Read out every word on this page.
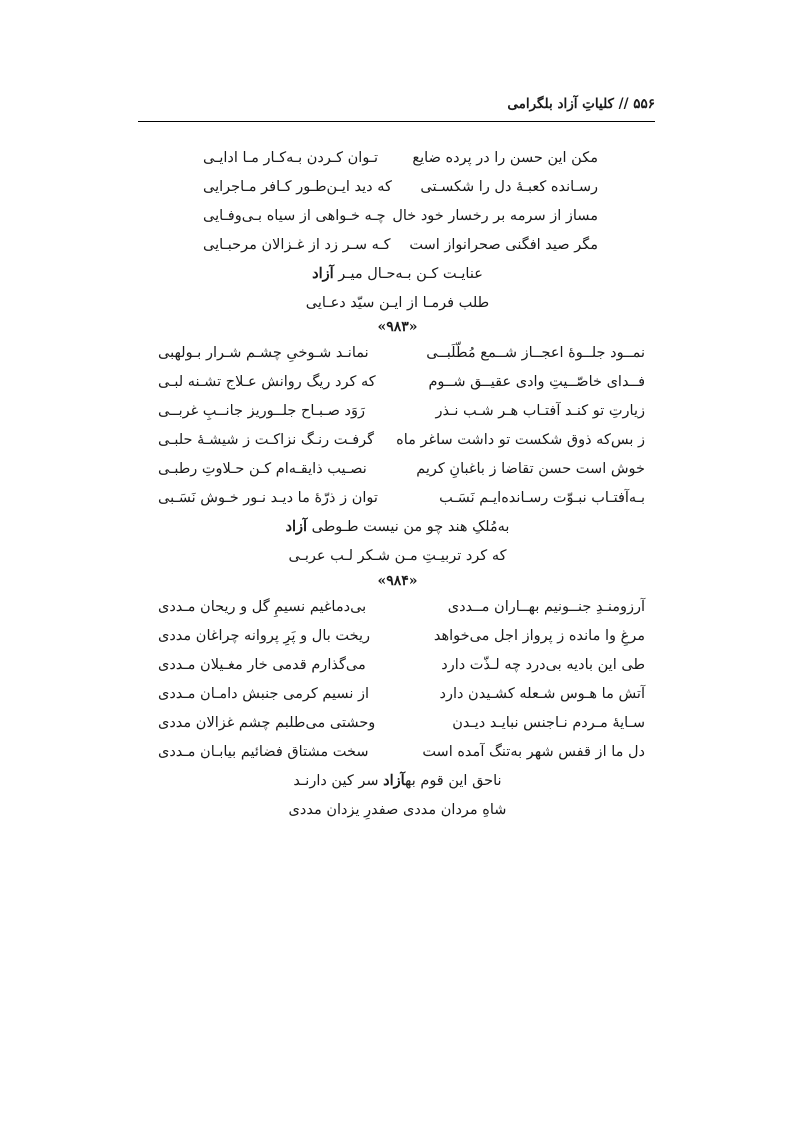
۵۵۶ // کلیاتِ آزاد بلگرامی
مکن این حسن را در پرده ضایع
تـوان کـردن بـه‌کـار مـا ادایـی
رسـانده کعبـهٔ دل را شکسـتی
که دید ایـن‌طـور کـافر مـاجرایی
مساز از سرمه بر رخسار خود خال
چـه خـواهی از سیاه بـی‌وفـایی
مگر صید افگنی صحرانواز است
کـه سـر زد از غـزالان مرحبـایی
عنایـت کـن بـه‌حـال میـر آزاد
طلب فرمـا از ایـن سیّد دعـایی
«۹۸۳»
نمــود جلــوهٔ اعجــاز شــمع مُطّلَبــی
نمانـد شـوخیِ چشـم شـرار بـولهبی
فــدای خاصّــیتِ وادی عقیــق شــوم
که کرد ریگ روانش عـلاج تشـنه لبـی
زیارتِ تو کنـد آفتـاب هـر شـب نـذر
رَوَد صـبـاح جلــوریز جانــبِ غربــی
ز بس‌که ذوق شکست تو داشت ساغر ماه
گرفـت رنـگ نزاکـت ز شیشـهٔ حلبـی
خوش است حسن تقاضا ز باغبانِ کریم
نصـیب ذایقـه‌ام کـن حـلاوتِ رطبـی
بـه‌آفتـاب نبـوّت رسـانده‌ایـم نَسَـب
توان ز ذرّهٔ ما دیـد نـور خـوش نَسَـبی
به‌مُلکِ هند چو من نیست طـوطی آزاد
که کرد تربیـتِ مـن شـکر لـب عربـی
«۹۸۴»
آرزومنـدِ جنــونیم بهــاران مــددی
بی‌دماغیم نسیمِ گل و ریحان مـددی
مرغِ وا مانده ز پرواز اجل می‌خواهد
ریخت بال و پَرِ پروانه چراغان مددی
طی این بادیه بی‌درد چه لـذّت دارد
می‌گذارم قدمی خار مغـیلان مـددی
آتش ما هـوس شـعله کشـیدن دارد
از نسیم کرمی جنبش دامـان مـددی
سـایهٔ مـردم نـاجنس نبایـد دیـدن
وحشتی می‌طلبم چشم غزالان مددی
دل ما از قفس شهر به‌تنگ آمده است
سخت مشتاق فضائیم بیابـان مـددی
ناحق این قوم بهآزاد سر کین دارنـد
شاهِ مردان مددی صفدرِ یزدان مددی
